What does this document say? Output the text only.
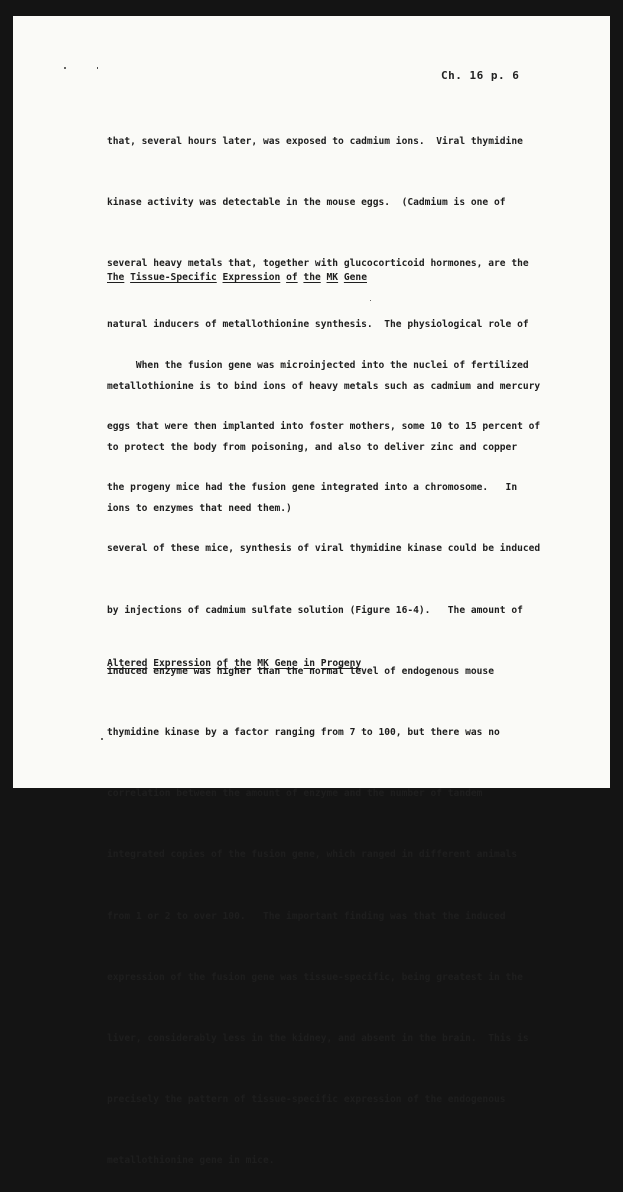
Ch. 16 p. 6

that, several hours later, was exposed to cadmium ions.  Viral thymidine

kinase activity was detectable in the mouse eggs.  (Cadmium is one of

several heavy metals that, together with glucocorticoid hormones, are the

natural inducers of metallothionine synthesis.  The physiological role of

metallothionine is to bind ions of heavy metals such as cadmium and mercury

to protect the body from poisoning, and also to deliver zinc and copper

ions to enzymes that need them.)

The Tissue-Specific Expression of the MK Gene

When the fusion gene was microinjected into the nuclei of fertilized

eggs that were then implanted into foster mothers, some 10 to 15 percent of

the progeny mice had the fusion gene integrated into a chromosome.   In

several of these mice, synthesis of viral thymidine kinase could be induced

by injections of cadmium sulfate solution (Figure 16-4).   The amount of

induced enzyme was higher than the normal level of endogenous mouse

thymidine kinase by a factor ranging from 7 to 100, but there was no

correlation between the amount of enzyme and the number of tandem

integrated copies of the fusion gene, which ranged in different animals

from 1 or 2 to over 100.   The important finding was that the induced

expression of the fusion gene was tissue-specific, being greatest in the

liver, considerably less in the kidney, and absent in the brain.  This is

precisely the pattern of tissue-specific expression of the endogenous

metallothionine gene in mice.

Altered Expression of the MK Gene in Progeny
